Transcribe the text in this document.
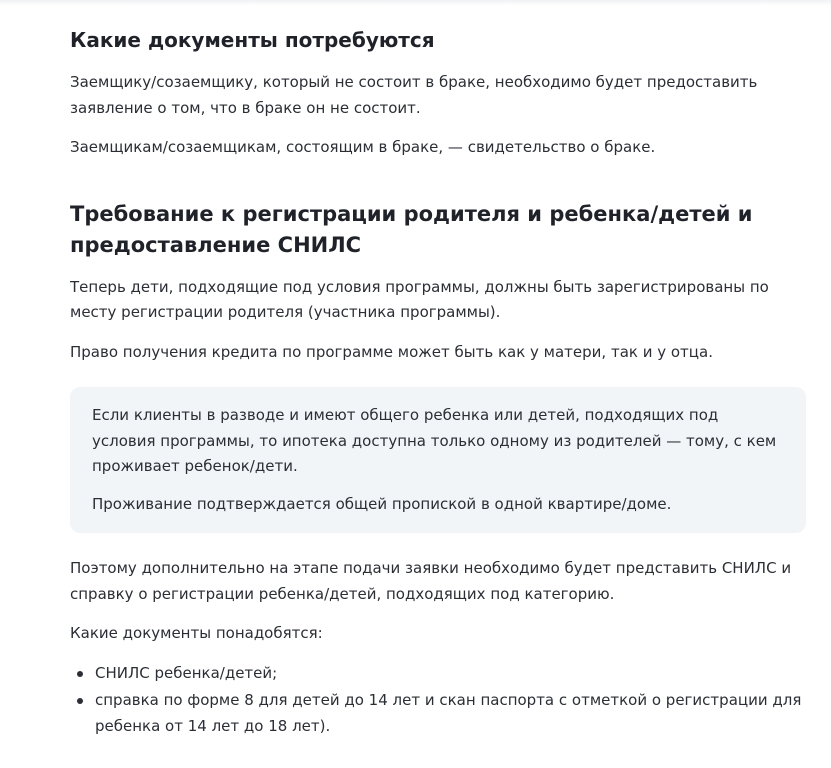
Какие документы потребуются

Заемщику/созаемщику, который не состоит в браке, необходимо будет предоставить заявление о том, что в браке он не состоит.

Заемщикам/созаемщикам, состоящим в браке, — свидетельство о браке.

Требование к регистрации родителя и ребенка/детей и предоставление СНИЛС

Теперь дети, подходящие под условия программы, должны быть зарегистрированы по месту регистрации родителя (участника программы).

Право получения кредита по программе может быть как у матери, так и у отца.

Если клиенты в разводе и имеют общего ребенка или детей, подходящих под условия программы, то ипотека доступна только одному из родителей — тому, с кем проживает ребенок/дети.

Проживание подтверждается общей пропиской в одной квартире/доме.

Поэтому дополнительно на этапе подачи заявки необходимо будет представить СНИЛС и справку о регистрации ребенка/детей, подходящих под категорию.

Какие документы понадобятся:

СНИЛС ребенка/детей;
справка по форме 8 для детей до 14 лет и скан паспорта с отметкой о регистрации для ребенка от 14 лет до 18 лет).
